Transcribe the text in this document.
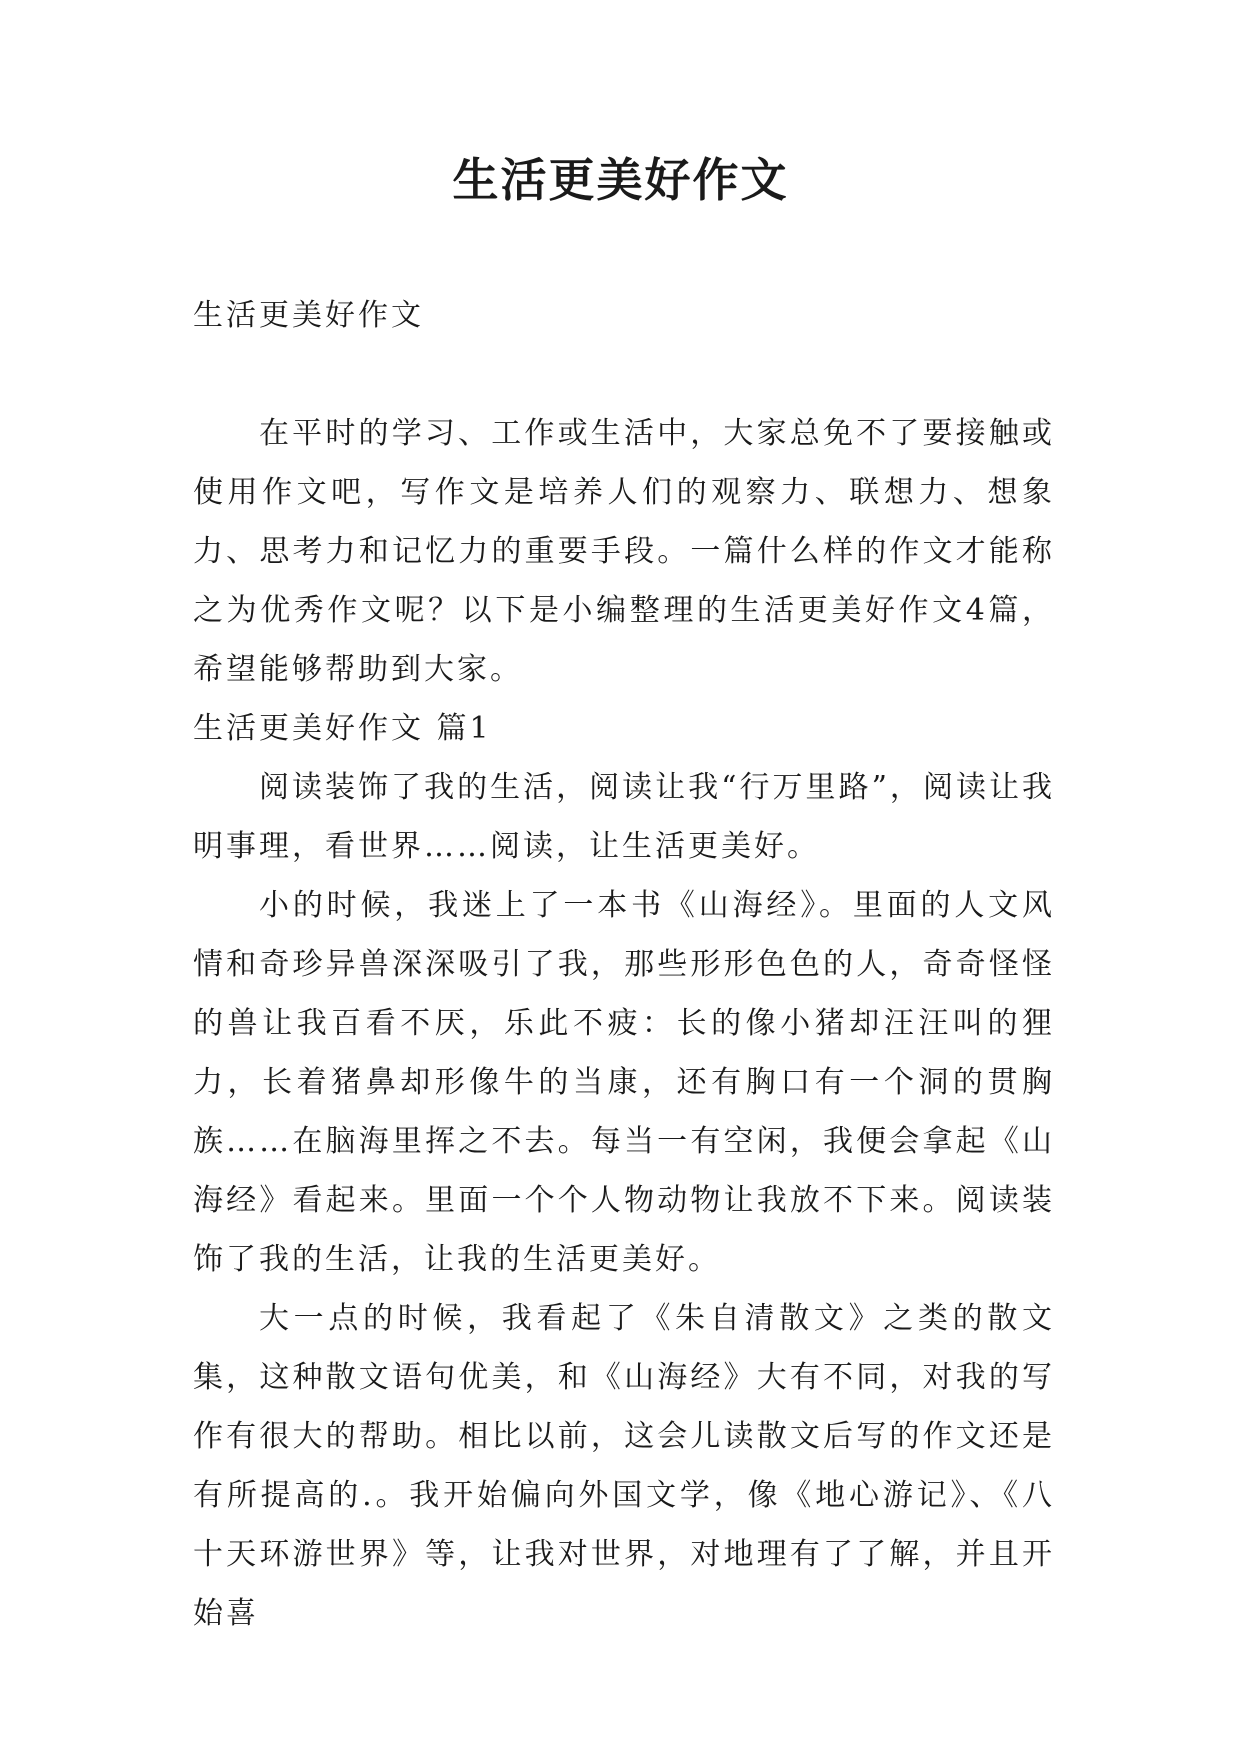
生活更美好作文

生活更美好作文

在平时的学习、工作或生活中，大家总免不了要接触或使用作文吧，写作文是培养人们的观察力、联想力、想象力、思考力和记忆力的重要手段。一篇什么样的作文才能称之为优秀作文呢？以下是小编整理的生活更美好作文4篇，希望能够帮助到大家。

生活更美好作文 篇1

阅读装饰了我的生活，阅读让我“行万里路”，阅读让我明事理，看世界……阅读，让生活更美好。

小的时候，我迷上了一本书《山海经》。里面的人文风情和奇珍异兽深深吸引了我，那些形形色色的人，奇奇怪怪的兽让我百看不厌，乐此不疲：长的像小猪却汪汪叫的狸力，长着猪鼻却形像牛的当康，还有胸口有一个洞的贯胸族……在脑海里挥之不去。每当一有空闲，我便会拿起《山海经》看起来。里面一个个人物动物让我放不下来。阅读装饰了我的生活，让我的生活更美好。

大一点的时候，我看起了《朱自清散文》之类的散文集，这种散文语句优美，和《山海经》大有不同，对我的写作有很大的帮助。相比以前，这会儿读散文后写的作文还是有所提高的.。我开始偏向外国文学，像《地心游记》、《八十天环游世界》等，让我对世界，对地理有了了解，并且开始喜
